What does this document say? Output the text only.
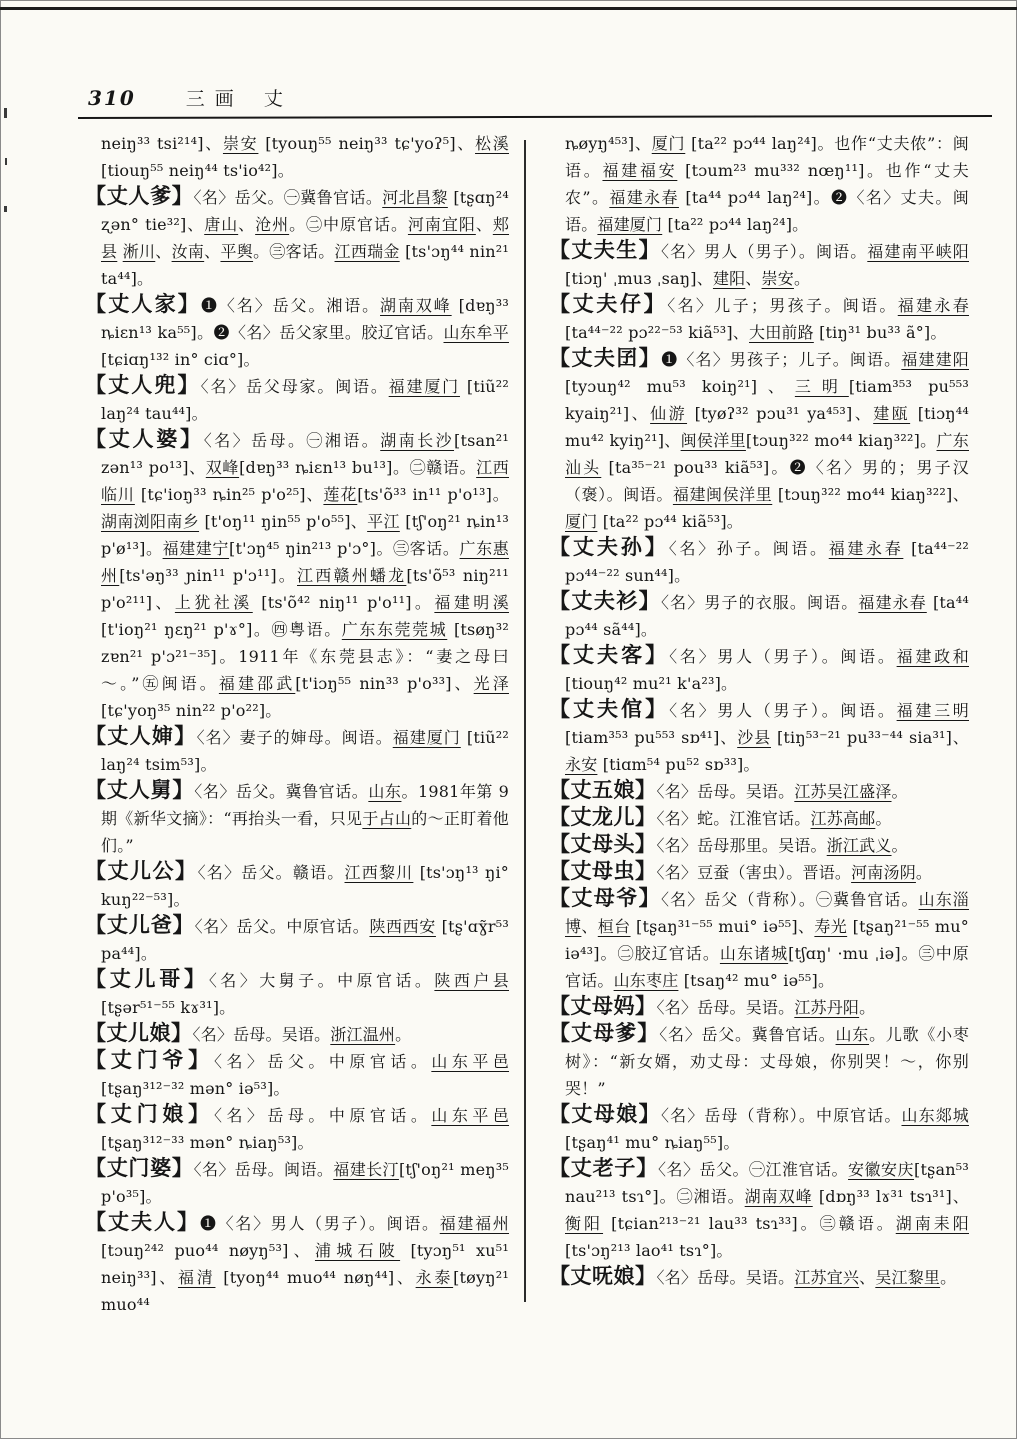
310	三画 丈

neiŋ³³ tsi²¹⁴]、崇安 [tyouŋ⁵⁵ neiŋ³³ tɕ'yoʔ⁵]、松溪 [tiouŋ⁵⁵ neiŋ⁴⁴ ts'io⁴²]。

【丈人爹】〈名〉岳父。㊀冀鲁官话。河北昌黎 [tʂɑŋ²⁴ ʐən° tie³²]、唐山、沧州。㊁中原官话。河南宜阳、郏县 淅川、汝南、平舆。㊂客话。江西瑞金 [ts'ɔŋ⁴⁴ nin²¹ ta⁴⁴]。

【丈人家】❶〈名〉岳父。湘语。湖南双峰 [dɐŋ³³ ȵiɛn¹³ ka⁵⁵]。❷〈名〉岳父家里。胶辽官话。山东牟平 [tɕiɑŋ¹³² in° ciɑ°]。

【丈人兜】〈名〉岳父母家。闽语。福建厦门 [tiũ²² laŋ²⁴ tau⁴⁴]。

【丈人婆】〈名〉岳母。㊀湘语。湖南长沙[tsan²¹ zən¹³ po¹³]、双峰[dɐŋ³³ ȵiɛn¹³ bu¹³]。㊁赣语。江西临川 [tɕ'ioŋ³³ ȵin²⁵ p'o²⁵]、莲花[ts'õ³³ in¹¹ p'o¹³]。湖南浏阳南乡 [t'oŋ¹¹ ŋin⁵⁵ p'o⁵⁵]、平江 [tʃ'oŋ²¹ ȵin¹³ p'ø¹³]。福建建宁[t'ɔŋ⁴⁵ ŋin²¹³ p'ɔ°]。㊂客话。广东惠州[ts'əŋ³³ ɲin¹¹ p'ɔ¹¹]。江西赣州蟠龙[ts'õ⁵³ niŋ²¹¹ p'o²¹¹]、上犹社溪 [ts'õ⁴² niŋ¹¹ p'o¹¹]。福建明溪 [t'ioŋ²¹ ŋɛŋ²¹ p'ɤ°]。㊃粤语。广东东莞莞城 [tsøŋ³² zɐn²¹ p'ɔ²¹⁻³⁵]。1911年《东莞县志》：“妻之母曰～。”㊄闽语。福建邵武[t'iɔŋ⁵⁵ nin³³ p'o³³]、光泽 [tɕ'yoŋ³⁵ nin²² p'o²²]。

【丈人婶】〈名〉妻子的婶母。闽语。福建厦门 [tiũ²² laŋ²⁴ tsim⁵³]。

【丈人舅】〈名〉岳父。冀鲁官话。山东。1981年第 9 期《新华文摘》：“再抬头一看，只见于占山的～正盯着他们。”

【丈儿公】〈名〉岳父。赣语。江西黎川 [ts'ɔŋ¹³ ŋi° kuŋ²²⁻⁵³]。

【丈儿爸】〈名〉岳父。中原官话。陕西西安 [tʂ'ɑɣ̃r⁵³ pa⁴⁴]。

【丈儿哥】〈名〉大舅子。中原官话。陕西户县 [tʂər⁵¹⁻⁵⁵ kɤ³¹]。

【丈儿娘】〈名〉岳母。吴语。浙江温州。

【丈门爷】〈名〉岳父。中原官话。山东平邑[tʂaŋ³¹²⁻³² mən° iə⁵³]。

【丈门娘】〈名〉岳母。中原官话。山东平邑[tʂaŋ³¹²⁻³³ mən° ȵiaŋ⁵³]。

【丈门婆】〈名〉岳母。闽语。福建长汀[tʃ'oŋ²¹ meŋ³⁵ p'o³⁵]。

【丈夫人】❶〈名〉男人（男子）。闽语。福建福州[tɔuŋ²⁴² puo⁴⁴ nøyŋ⁵³]、浦城石陂 [tyɔŋ⁵¹ xu⁵¹ neiŋ³³]、福清 [tyoŋ⁴⁴ muo⁴⁴ nøŋ⁴⁴]、永泰[tøyŋ²¹ muo⁴⁴

ȵøyŋ⁴⁵³]、厦门 [ta²² pɔ⁴⁴ laŋ²⁴]。也作“丈夫侬”：闽语。福建福安 [tɔum²³ mu³³² nœŋ¹¹]。也作“丈夫农”。福建永春 [ta⁴⁴ pɔ⁴⁴ laŋ²⁴]。❷〈名〉丈夫。闽语。福建厦门 [ta²² pɔ⁴⁴ laŋ²⁴]。

【丈夫生】〈名〉男人（男子）。闽语。福建南平峡阳 [tiɔŋ' ˌmuɜ ˌsaŋ]、建阳、崇安。

【丈夫仔】〈名〉儿子；男孩子。闽语。福建永春 [ta⁴⁴⁻²² pɔ²²⁻⁵³ kiã⁵³]、大田前路 [tiŋ³¹ bu³³ ã°]。

【丈夫囝】❶〈名〉男孩子；儿子。闽语。福建建阳 [tyɔuŋ⁴² mu⁵³ koiŋ²¹]、三明[tiam³⁵³ pu⁵⁵³ kyaiŋ²¹]、仙游 [tyøʔ³² pɔu³¹ ya⁴⁵³]、建瓯 [tiɔŋ⁴⁴ mu⁴² kyiŋ²¹]、闽侯洋里[tɔuŋ³²² mo⁴⁴ kiaŋ³²²]。广东汕头 [ta³⁵⁻²¹ pou³³ kiã⁵³]。❷〈名〉男的；男子汉（褒）。闽语。福建闽侯洋里 [tɔuŋ³²² mo⁴⁴ kiaŋ³²²]、厦门 [ta²² pɔ⁴⁴ kiã⁵³]。

【丈夫孙】〈名〉孙子。闽语。福建永春 [ta⁴⁴⁻²² pɔ⁴⁴⁻²² sun⁴⁴]。

【丈夫衫】〈名〉男子的衣服。闽语。福建永春 [ta⁴⁴ pɔ⁴⁴ sã⁴⁴]。

【丈夫客】〈名〉男人（男子）。闽语。福建政和[tiouŋ⁴² mu²¹ k'a²³]。

【丈夫倌】〈名〉男人（男子）。闽语。福建三明 [tiam³⁵³ pu⁵⁵³ sɒ⁴¹]、沙县 [tiŋ⁵³⁻²¹ pu³³⁻⁴⁴ sia³¹]、永安 [tiɑm⁵⁴ pu⁵² sɒ³³]。

【丈五娘】〈名〉岳母。吴语。江苏吴江盛泽。

【丈龙儿】〈名〉蛇。江淮官话。江苏高邮。

【丈母头】〈名〉岳母那里。吴语。浙江武义。

【丈母虫】〈名〉豆蚕（害虫）。晋语。河南汤阴。

【丈母爷】〈名〉岳父（背称）。㊀冀鲁官话。山东淄博、桓台 [tʂaŋ³¹⁻⁵⁵ mui° iə⁵⁵]、寿光 [tʂaŋ²¹⁻⁵⁵ mu° iə⁴³]。㊁胶辽官话。山东诸城[tʃɑŋ' ·mu ˌiə]。㊂中原官话。山东枣庄 [tsaŋ⁴² mu° iə⁵⁵]。

【丈母妈】〈名〉岳母。吴语。江苏丹阳。

【丈母爹】〈名〉岳父。冀鲁官话。山东。儿歌《小枣树》：“新女婿，劝丈母：丈母娘，你别哭！～，你别哭！”

【丈母娘】〈名〉岳母（背称）。中原官话。山东郯城 [tʂaŋ⁴¹ mu° ȵiaŋ⁵⁵]。

【丈老子】〈名〉岳父。㊀江淮官话。安徽安庆[tʂan⁵³ nau²¹³ tsɿ°]。㊁湘语。湖南双峰 [dɒŋ³³ lɤ³¹ tsɿ³¹]、衡阳 [tɕian²¹³⁻²¹ lau³³ tsɿ³³]。㊂赣语。湖南耒阳 [ts'ɔŋ²¹³ lao⁴¹ tsɿ°]。

【丈呒娘】〈名〉岳母。吴语。江苏宜兴、吴江黎里。
